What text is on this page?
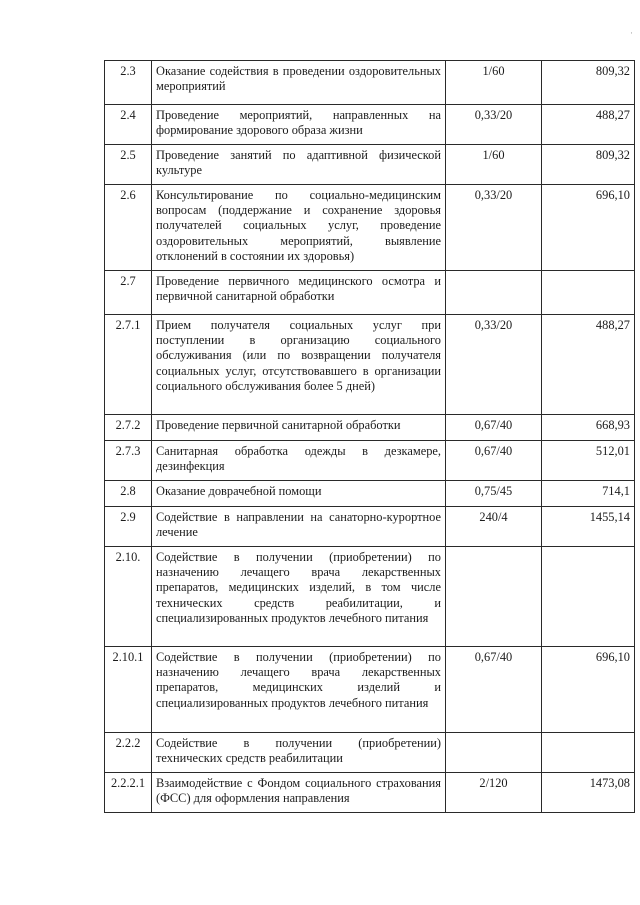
·
2.3	Оказание содействия в проведении оздоровительных мероприятий	1/60	809,32
2.4	Проведение мероприятий, направленных на формирование здорового образа жизни	0,33/20	488,27
2.5	Проведение занятий по адаптивной физической культуре	1/60	809,32
2.6	Консультирование по социально-медицинским вопросам (поддержание и сохранение здоровья получателей социальных услуг, проведение оздоровительных мероприятий, выявление отклонений в состоянии их здоровья)	0,33/20	696,10
2.7	Проведение первичного медицинского осмотра и первичной санитарной обработки		
2.7.1	Прием получателя социальных услуг при поступлении в организацию социального обслуживания (или по возвращении получателя социальных услуг, отсутствовавшего в организации социального обслуживания более 5 дней)	0,33/20	488,27
2.7.2	Проведение первичной санитарной обработки	0,67/40	668,93
2.7.3	Санитарная обработка одежды в дезкамере, дезинфекция	0,67/40	512,01
2.8	Оказание доврачебной помощи	0,75/45	714,1
2.9	Содействие в направлении на санаторно-курортное лечение	240/4	1455,14
2.10.	Содействие в получении (приобретении) по назначению лечащего врача лекарственных препаратов, медицинских изделий, в том числе технических средств реабилитации, и специализированных продуктов лечебного питания		
2.10.1	Содействие в получении (приобретении) по назначению лечащего врача лекарственных препаратов, медицинских изделий и специализированных продуктов лечебного питания	0,67/40	696,10
2.2.2	Содействие в получении (приобретении) технических средств реабилитации		
2.2.2.1	Взаимодействие с Фондом социального страхования (ФСС) для оформления направления	2/120	1473,08
